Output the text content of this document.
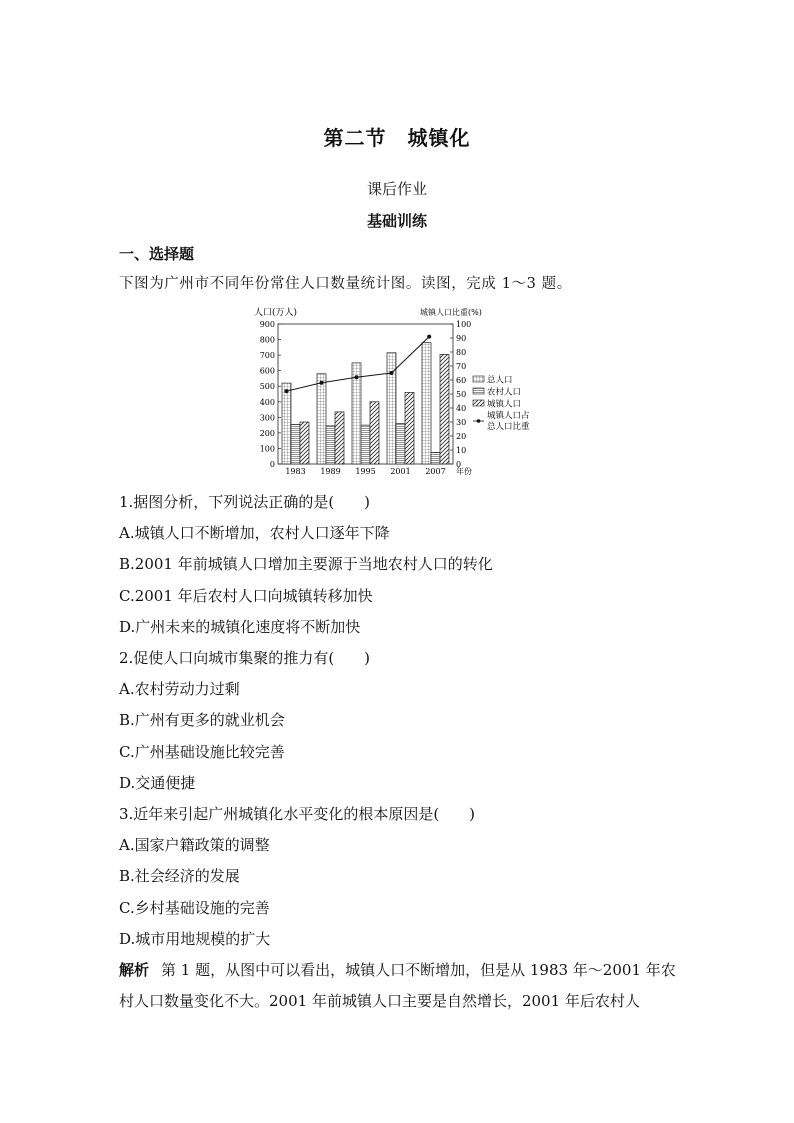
第二节　城镇化
课后作业
基础训练
一、选择题
下图为广州市不同年份常住人口数量统计图。读图，完成 1～3 题。
人口(万人)	城镇人口比重(%)
0
100
200
300
400
500
600
700
800
900
0
10
20
30
40
50
60
70
80
90
100
1983 1989 1995 2001 2007 年份
总人口
农村人口
城镇人口
城镇人口占
总人口比重
1.据图分析，下列说法正确的是(　　)
A.城镇人口不断增加，农村人口逐年下降
B.2001 年前城镇人口增加主要源于当地农村人口的转化
C.2001 年后农村人口向城镇转移加快
D.广州未来的城镇化速度将不断加快
2.促使人口向城市集聚的推力有(　　)
A.农村劳动力过剩
B.广州有更多的就业机会
C.广州基础设施比较完善
D.交通便捷
3.近年来引起广州城镇化水平变化的根本原因是(　　)
A.国家户籍政策的调整
B.社会经济的发展
C.乡村基础设施的完善
D.城市用地规模的扩大
解析 第 1 题，从图中可以看出，城镇人口不断增加，但是从 1983 年～2001 年农村人口数量变化不大。2001 年前城镇人口主要是自然增长，2001 年后农村人
